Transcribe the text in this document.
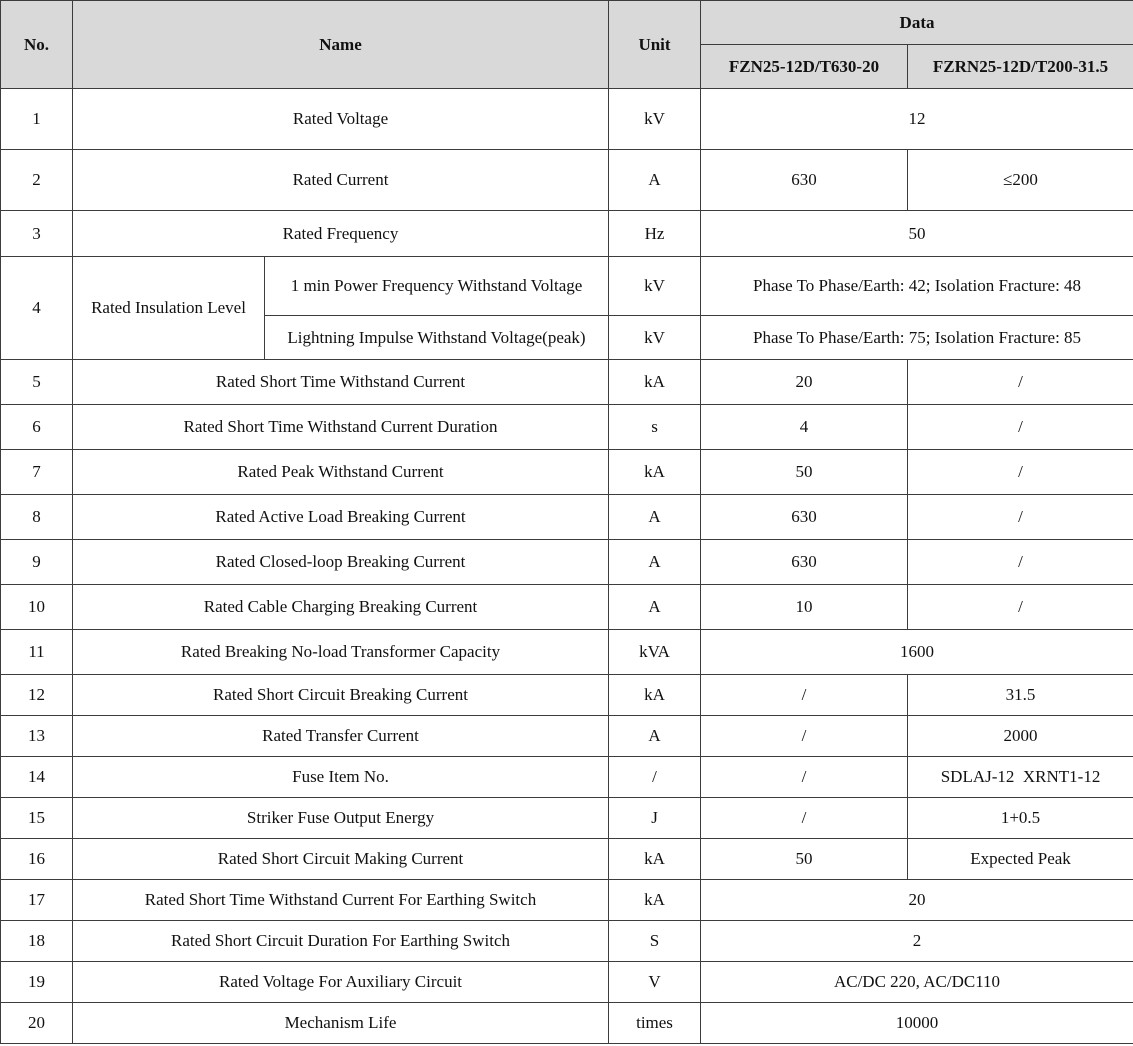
No.	Name		Unit	Data	
				FZN25-12D/T630-20	FZRN25-12D/T200-31.5
1	Rated Voltage		kV	12	
2	Rated Current		A	630	≤200
3	Rated Frequency		Hz	50	
4	Rated Insulation Level	1 min Power Frequency Withstand Voltage	kV	Phase To Phase/Earth: 42; Isolation Fracture: 48	
		Lightning Impulse Withstand Voltage(peak)	kV	Phase To Phase/Earth: 75; Isolation Fracture: 85	
5	Rated Short Time Withstand Current		kA	20	/
6	Rated Short Time Withstand Current Duration		s	4	/
7	Rated Peak Withstand Current		kA	50	/
8	Rated Active Load Breaking Current		A	630	/
9	Rated Closed-loop Breaking Current		A	630	/
10	Rated Cable Charging Breaking Current		A	10	/
11	Rated Breaking No-load Transformer Capacity		kVA	1600	
12	Rated Short Circuit Breaking Current		kA	/	31.5
13	Rated Transfer Current		A	/	2000
14	Fuse Item No.		/	/	SDLAJ-12  XRNT1-12
15	Striker Fuse Output Energy		J	/	1+0.5
16	Rated Short Circuit Making Current		kA	50	Expected Peak
17	Rated Short Time Withstand Current For Earthing Switch		kA	20	
18	Rated Short Circuit Duration For Earthing Switch		S	2	
19	Rated Voltage For Auxiliary Circuit		V	AC/DC 220, AC/DC110	
20	Mechanism Life		times	10000	
